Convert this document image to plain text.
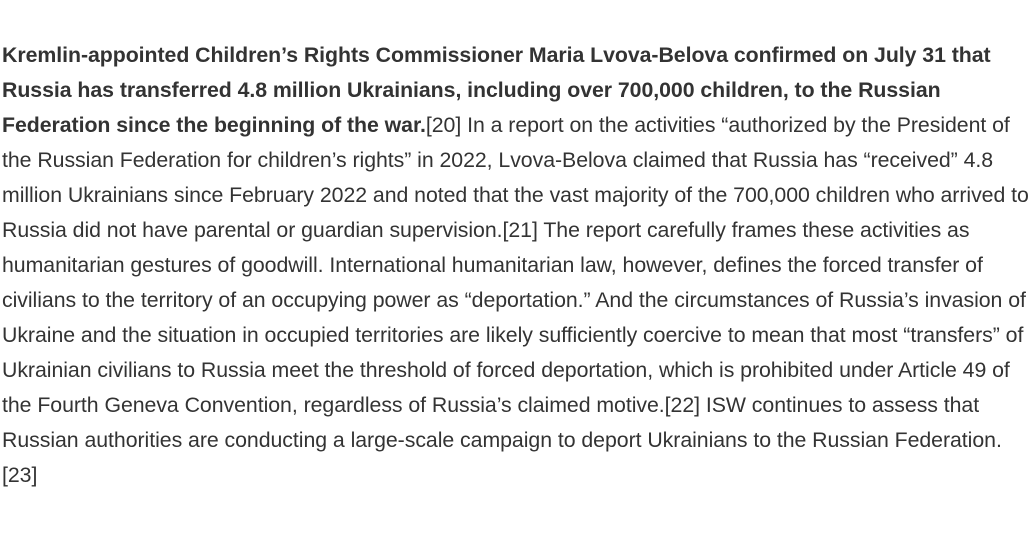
Kremlin-appointed Children’s Rights Commissioner Maria Lvova-Belova confirmed on July 31 that Russia has transferred 4.8 million Ukrainians, including over 700,000 children, to the Russian Federation since the beginning of the war.[20] In a report on the activities “authorized by the President of the Russian Federation for children’s rights” in 2022, Lvova-Belova claimed that Russia has “received” 4.8 million Ukrainians since February 2022 and noted that the vast majority of the 700,000 children who arrived to Russia did not have parental or guardian supervision.[21] The report carefully frames these activities as humanitarian gestures of goodwill. International humanitarian law, however, defines the forced transfer of civilians to the territory of an occupying power as “deportation.” And the circumstances of Russia’s invasion of Ukraine and the situation in occupied territories are likely sufficiently coercive to mean that most “transfers” of Ukrainian civilians to Russia meet the threshold of forced deportation, which is prohibited under Article 49 of the Fourth Geneva Convention, regardless of Russia’s claimed motive.[22] ISW continues to assess that Russian authorities are conducting a large-scale campaign to deport Ukrainians to the Russian Federation.[23]
